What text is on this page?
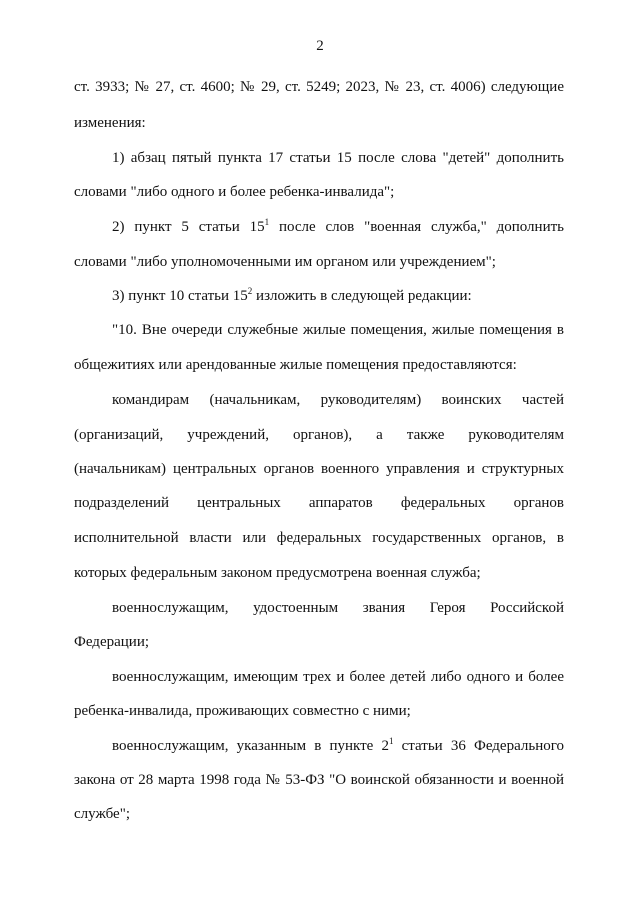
2
ст. 3933; № 27, ст. 4600; № 29, ст. 5249; 2023, № 23, ст. 4006) следующие
изменения:
1) абзац пятый пункта 17 статьи 15 после слова "детей" дополнить
словами "либо одного и более ребенка-инвалида";
2) пункт 5 статьи $15^1$ после слов "военная служба," дополнить
словами "либо уполномоченными им органом или учреждением";
3) пункт 10 статьи $15^2$ изложить в следующей редакции:
"10. Вне очереди служебные жилые помещения, жилые помещения в
общежитиях или арендованные жилые помещения предоставляются:
командирам (начальникам, руководителям) воинских частей
(организаций, учреждений, органов), а также руководителям
(начальникам) центральных органов военного управления и структурных
подразделений центральных аппаратов федеральных органов
исполнительной власти или федеральных государственных органов, в
которых федеральным законом предусмотрена военная служба;
военнослужащим, удостоенным звания Героя Российской
Федерации;
военнослужащим, имеющим трех и более детей либо одного и более
ребенка-инвалида, проживающих совместно с ними;
военнослужащим, указанным в пункте $2^1$ статьи 36 Федерального
закона от 28 марта 1998 года № 53-ФЗ "О воинской обязанности и военной
службе";
